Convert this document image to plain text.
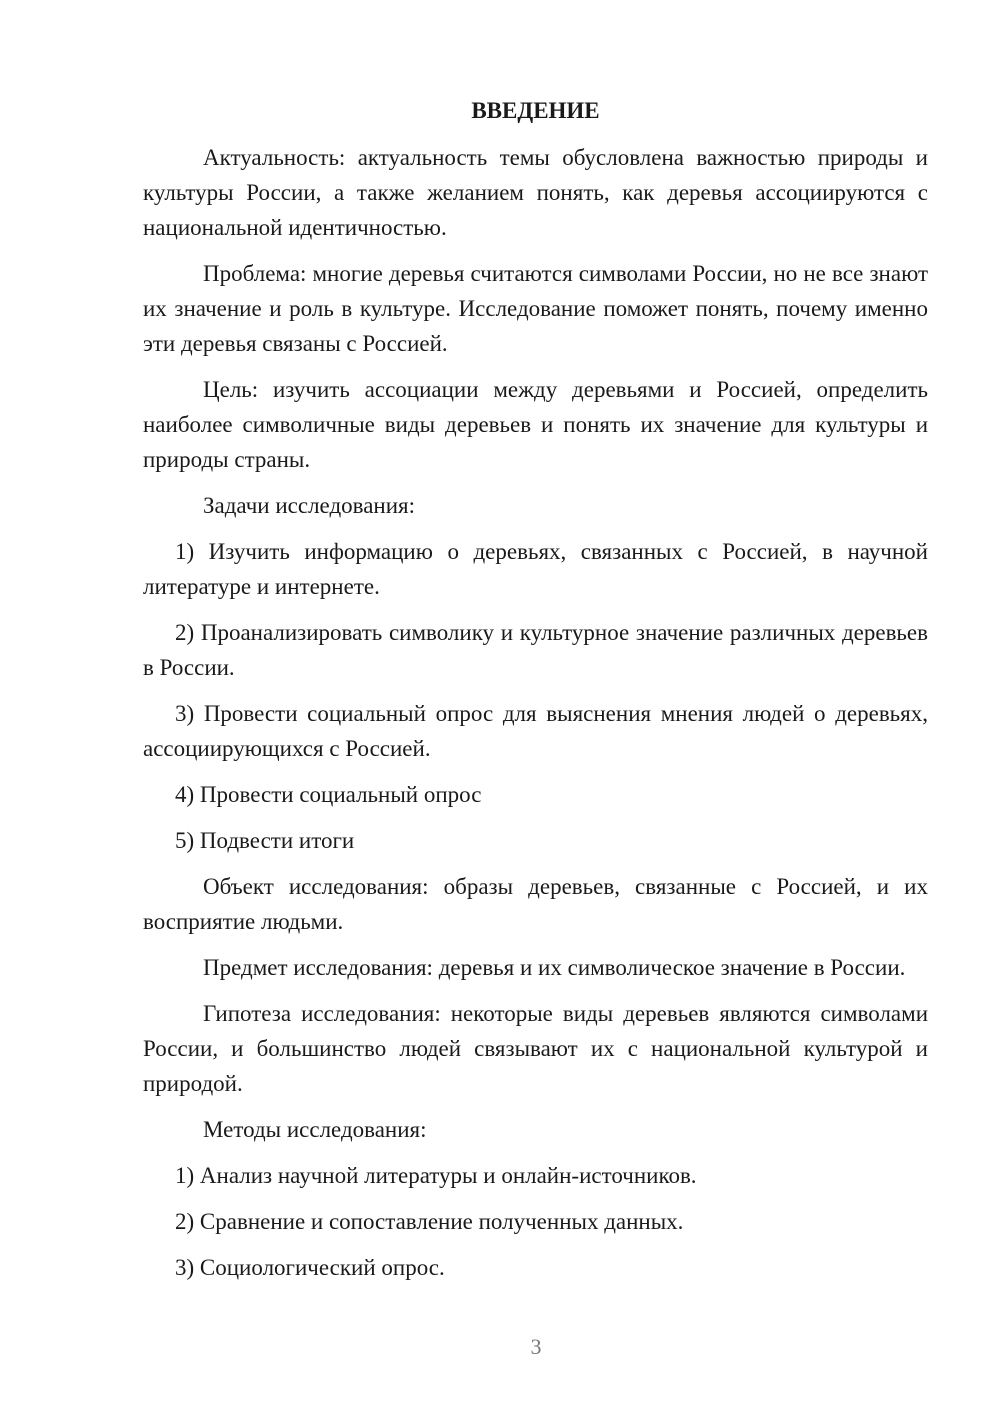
ВВЕДЕНИЕ

Актуальность: актуальность темы обусловлена важностью природы и культуры России, а также желанием понять, как деревья ассоциируются с национальной идентичностью.

Проблема: многие деревья считаются символами России, но не все знают их значение и роль в культуре. Исследование поможет понять, почему именно эти деревья связаны с Россией.

Цель: изучить ассоциации между деревьями и Россией, определить наиболее символичные виды деревьев и понять их значение для культуры и природы страны.

Задачи исследования:

1) Изучить информацию о деревьях, связанных с Россией, в научной литературе и интернете.

2) Проанализировать символику и культурное значение различных деревьев в России.

3) Провести социальный опрос для выяснения мнения людей о деревьях, ассоциирующихся с Россией.

4) Провести социальный опрос

5) Подвести итоги

Объект исследования: образы деревьев, связанные с Россией, и их восприятие людьми.

Предмет исследования: деревья и их символическое значение в России.

Гипотеза исследования: некоторые виды деревьев являются символами России, и большинство людей связывают их с национальной культурой и природой.

Методы исследования:

1) Анализ научной литературы и онлайн-источников.

2) Сравнение и сопоставление полученных данных.

3) Социологический опрос.

3
